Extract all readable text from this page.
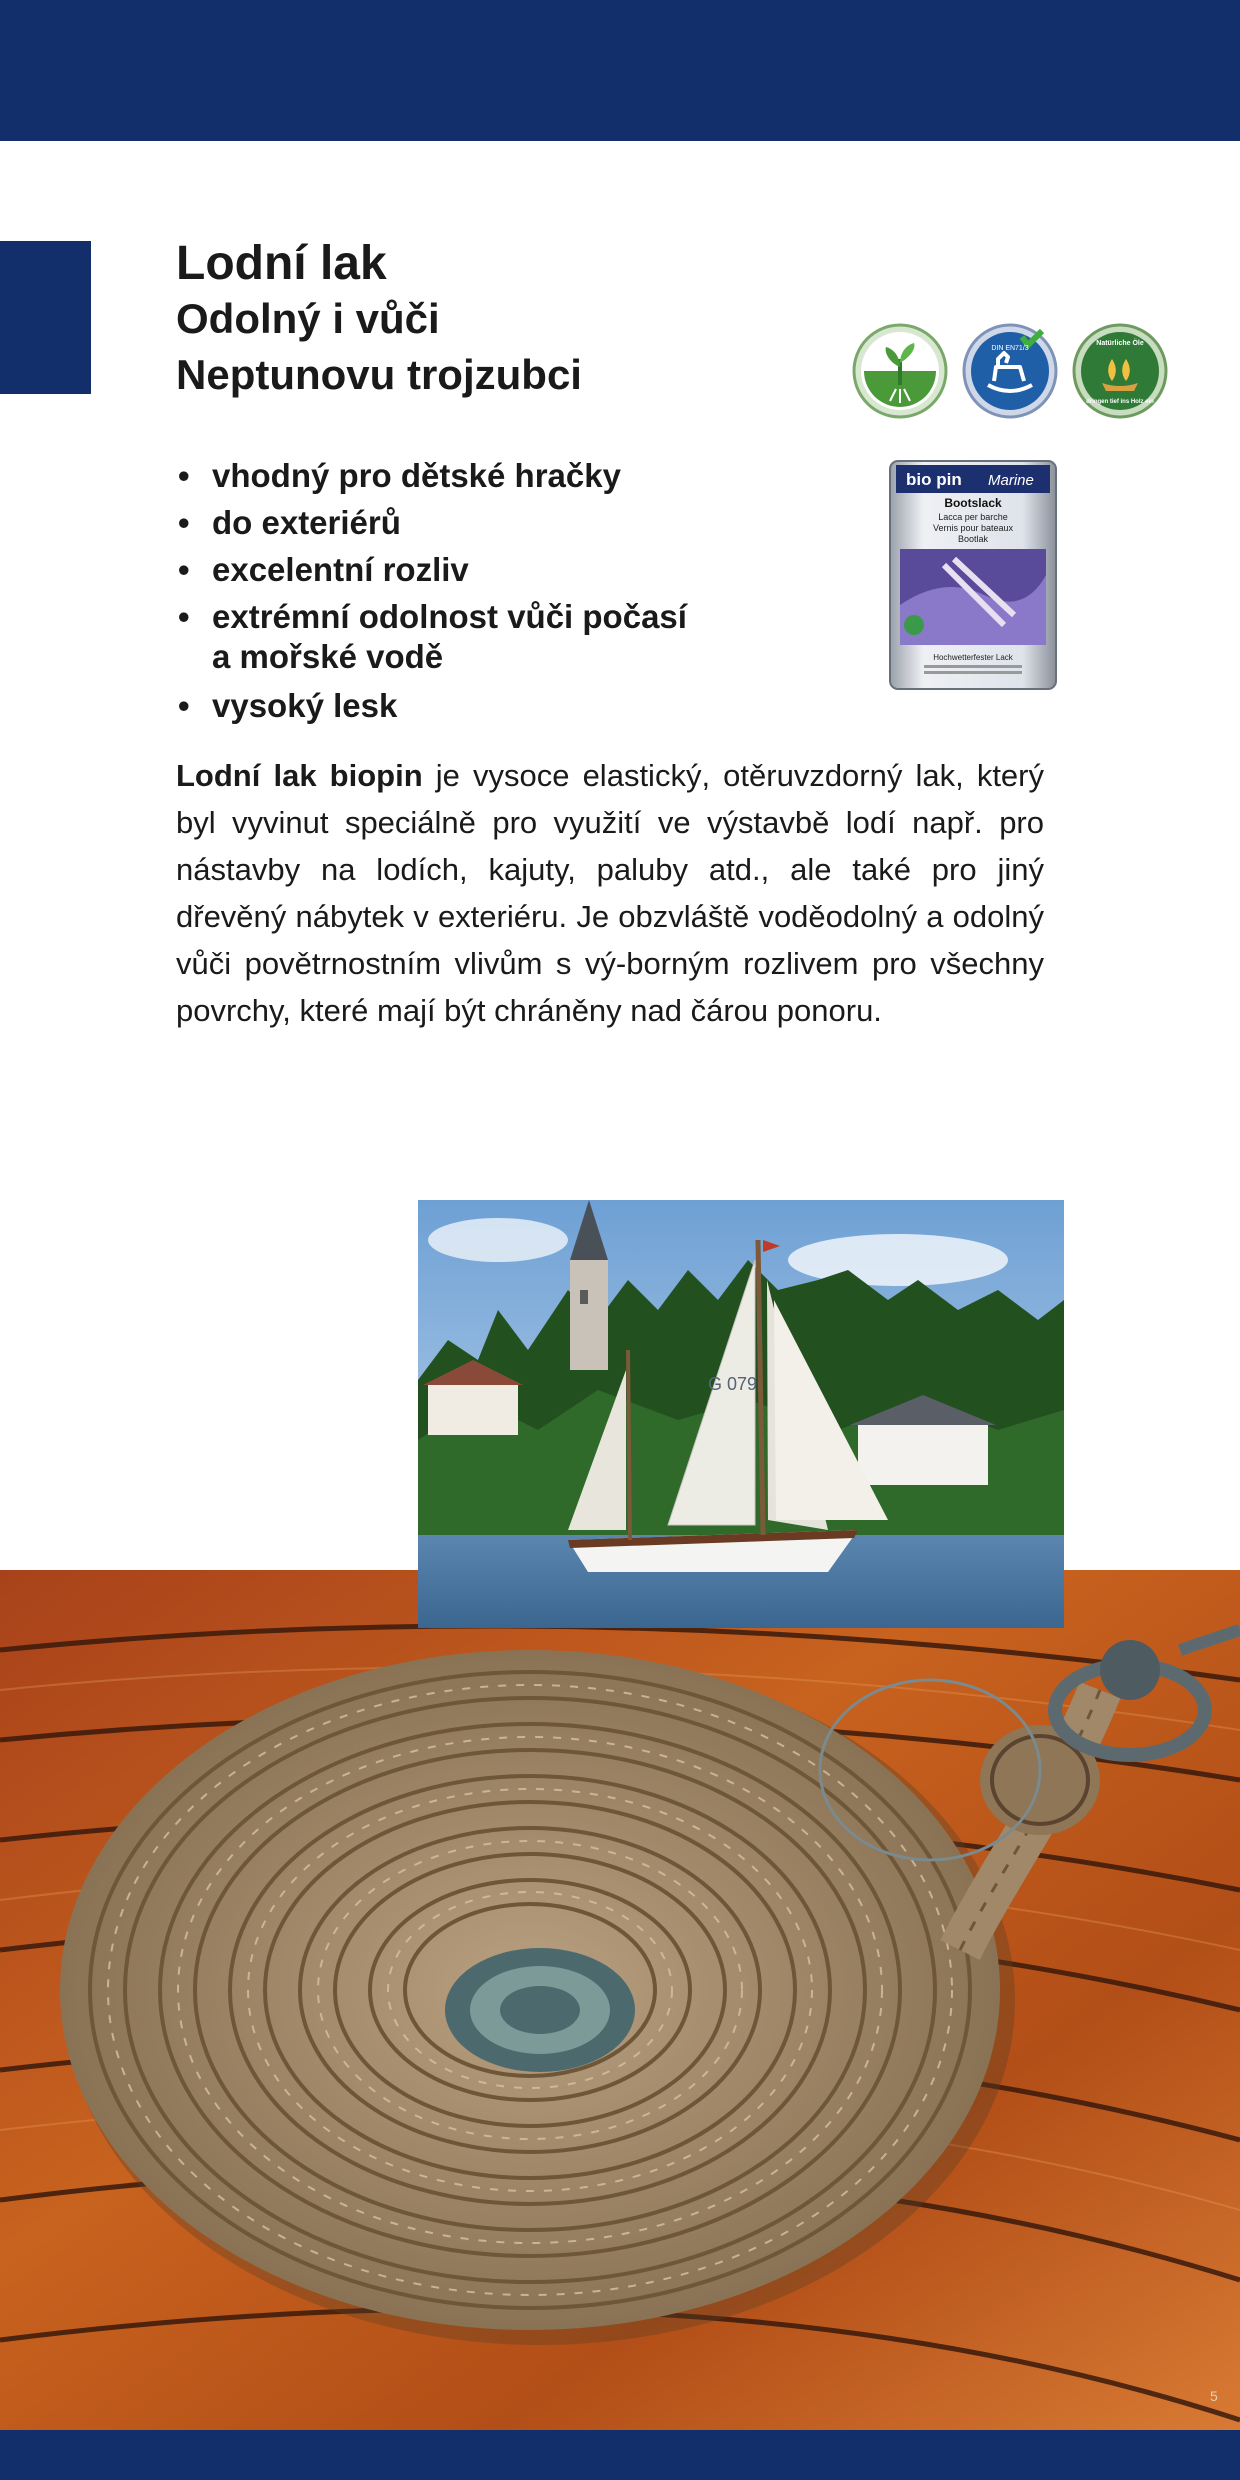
Lodní lak
Odolný i vůči
Neptunovu trojzubci
DIN EN71/3
Natürliche Öle
dringen tief ins Holz ein
bio pin Marine
Bootslack
Lacca per barche
Vernis pour bateaux
Bootlak
Hochwetterfester Lack
• vhodný pro dětské hračky
• do exteriérů
• excelentní rozliv
• extrémní odolnost vůči počasí
a mořské vodě
• vysoký lesk

Lodní lak biopin je vysoce elastický, otěruvzdorný lak, který byl vyvinut speciálně pro využití ve výstavbě lodí např. pro nástavby na lodích, kajuty, paluby atd., ale také pro jiný dřevěný nábytek v exteriéru. Je obzvláště voděodolný a odolný vůči povětrnostním vlivům s vý-borným rozlivem pro všechny povrchy, které mají být chráněny nad čárou ponoru.

G 079
5
